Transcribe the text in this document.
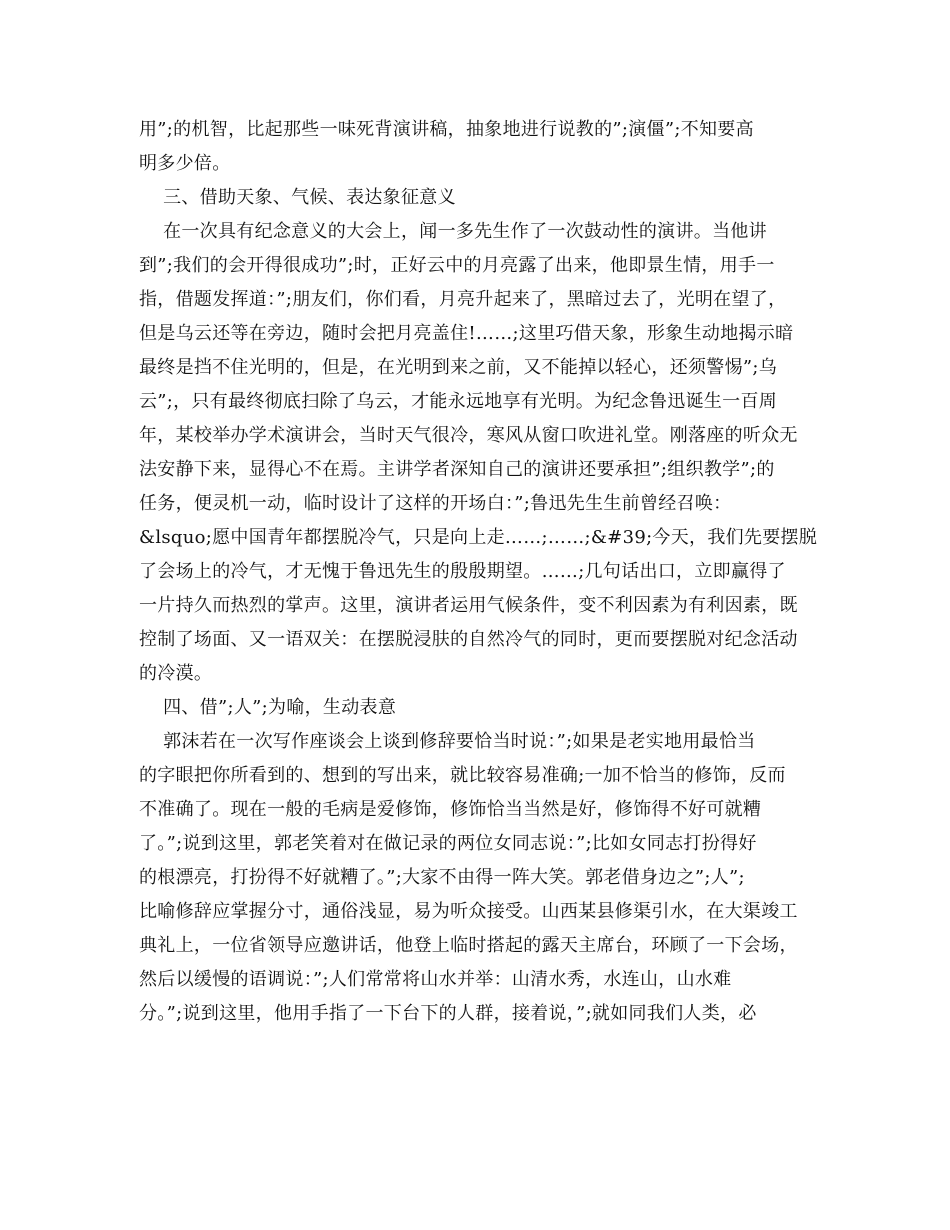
用”;的机智，比起那些一味死背演讲稿，抽象地进行说教的”;演僵”;不知要高
明多少倍。
三、借助天象、气候、表达象征意义
在一次具有纪念意义的大会上，闻一多先生作了一次鼓动性的演讲。当他讲
到”;我们的会开得很成功”;时，正好云中的月亮露了出来，他即景生情，用手一
指，借题发挥道：”;朋友们，你们看，月亮升起来了，黑暗过去了，光明在望了，
但是乌云还等在旁边，随时会把月亮盖住!……;这里巧借天象，形象生动地揭示暗
最终是挡不住光明的，但是，在光明到来之前，又不能掉以轻心，还须警惕”;乌
云”;，只有最终彻底扫除了乌云，才能永远地享有光明。为纪念鲁迅诞生一百周
年，某校举办学术演讲会，当时天气很冷，寒风从窗口吹进礼堂。刚落座的听众无
法安静下来，显得心不在焉。主讲学者深知自己的演讲还要承担”;组织教学”;的
任务，便灵机一动，临时设计了这样的开场白：”;鲁迅先生生前曾经召唤：
&lsquo;愿中国青年都摆脱冷气，只是向上走……;……;&#39;今天，我们先要摆脱
了会场上的冷气，才无愧于鲁迅先生的殷殷期望。……;几句话出口，立即赢得了
一片持久而热烈的掌声。这里，演讲者运用气候条件，变不利因素为有利因素，既
控制了场面、又一语双关：在摆脱浸肤的自然冷气的同时，更而要摆脱对纪念活动
的冷漠。
四、借”;人”;为喻，生动表意
郭沫若在一次写作座谈会上谈到修辞要恰当时说：”;如果是老实地用最恰当
的字眼把你所看到的、想到的写出来，就比较容易准确;一加不恰当的修饰，反而
不准确了。现在一般的毛病是爱修饰，修饰恰当当然是好，修饰得不好可就糟
了。”;说到这里，郭老笑着对在做记录的两位女同志说：”;比如女同志打扮得好
的根漂亮，打扮得不好就糟了。”;大家不由得一阵大笑。郭老借身边之”;人”;
比喻修辞应掌握分寸，通俗浅显，易为听众接受。山西某县修渠引水，在大渠竣工
典礼上，一位省领导应邀讲话，他登上临时搭起的露天主席台，环顾了一下会场，
然后以缓慢的语调说：”;人们常常将山水并举：山清水秀，水连山，山水难
分。”;说到这里，他用手指了一下台下的人群，接着说，”;就如同我们人类，必
